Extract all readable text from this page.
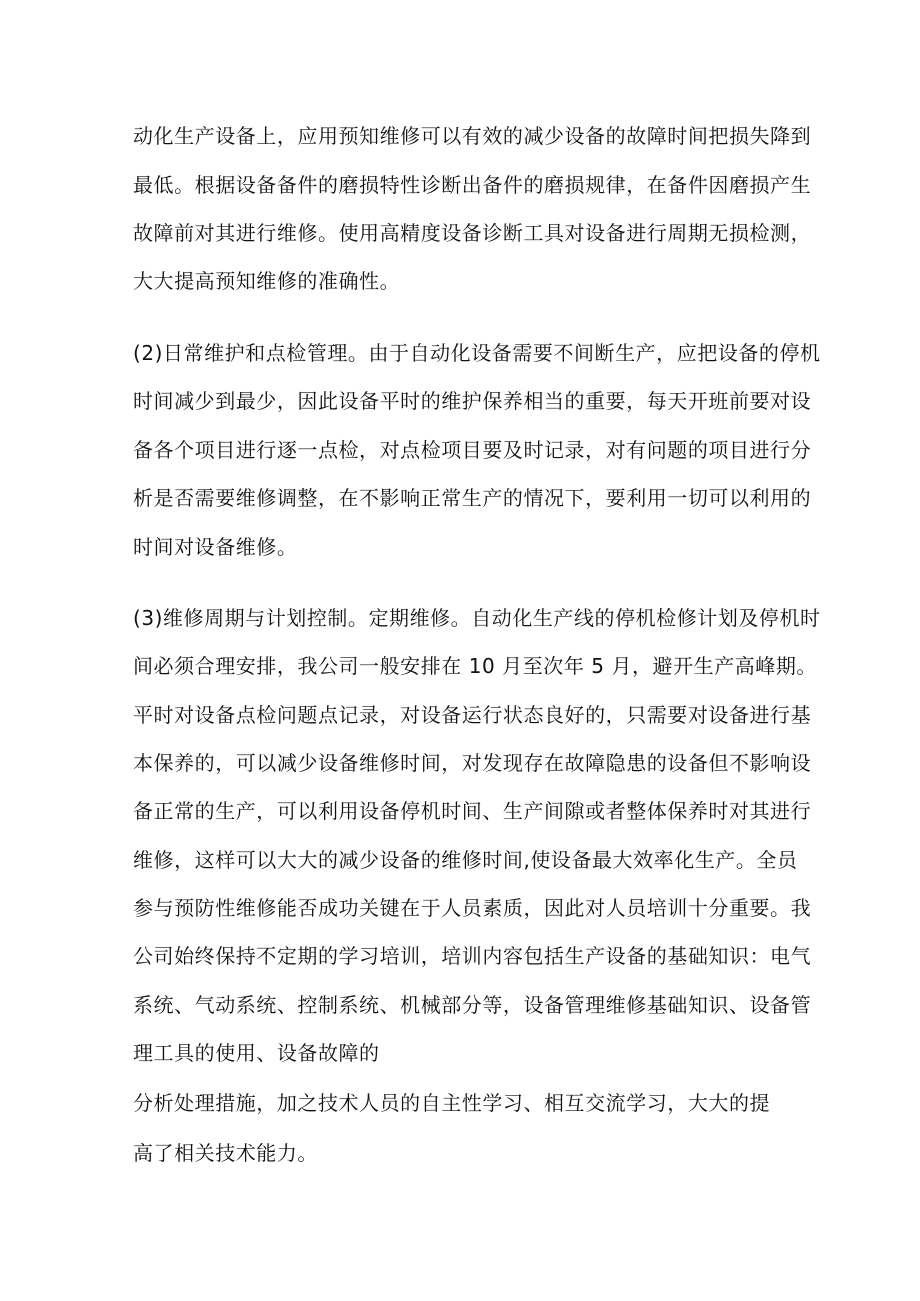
动化生产设备上，应用预知维修可以有效的减少设备的故障时间把损失降到
最低。根据设备备件的磨损特性诊断出备件的磨损规律，在备件因磨损产生
故障前对其进行维修。使用高精度设备诊断工具对设备进行周期无损检测，
大大提高预知维修的准确性。
(2)日常维护和点检管理。由于自动化设备需要不间断生产，应把设备的停机
时间减少到最少，因此设备平时的维护保养相当的重要，每天开班前要对设
备各个项目进行逐一点检，对点检项目要及时记录，对有问题的项目进行分
析是否需要维修调整，在不影响正常生产的情况下，要利用一切可以利用的
时间对设备维修。
(3)维修周期与计划控制。定期维修。自动化生产线的停机检修计划及停机时
间必须合理安排，我公司一般安排在 10 月至次年 5 月，避开生产高峰期。
平时对设备点检问题点记录，对设备运行状态良好的，只需要对设备进行基
本保养的，可以减少设备维修时间，对发现存在故障隐患的设备但不影响设
备正常的生产，可以利用设备停机时间、生产间隙或者整体保养时对其进行
维修，这样可以大大的减少设备的维修时间,使设备最大效率化生产。全员
参与预防性维修能否成功关键在于人员素质，因此对人员培训十分重要。我
公司始终保持不定期的学习培训，培训内容包括生产设备的基础知识：电气
系统、气动系统、控制系统、机械部分等，设备管理维修基础知识、设备管
理工具的使用、设备故障的
分析处理措施，加之技术人员的自主性学习、相互交流学习，大大的提
高了相关技术能力。
